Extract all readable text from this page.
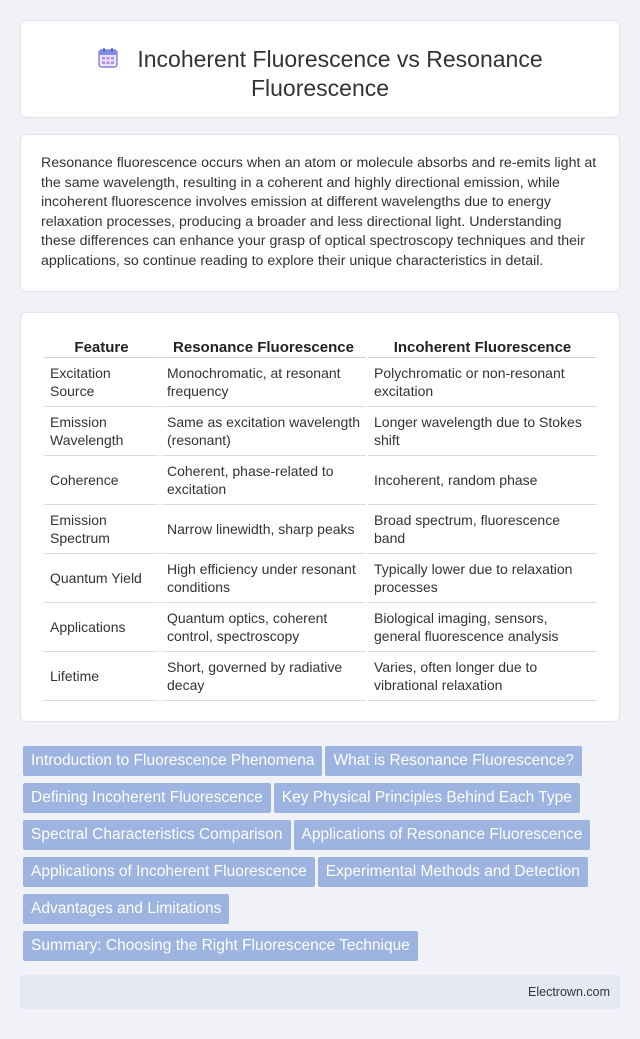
Incoherent Fluorescence vs Resonance
Fluorescence

Resonance fluorescence occurs when an atom or molecule absorbs and re-emits light at the same wavelength, resulting in a coherent and highly directional emission, while incoherent fluorescence involves emission at different wavelengths due to energy relaxation processes, producing a broader and less directional light. Understanding these differences can enhance your grasp of optical spectroscopy techniques and their applications, so continue reading to explore their unique characteristics in detail.

Feature	Resonance Fluorescence	Incoherent Fluorescence
Excitation Source	Monochromatic, at resonant frequency	Polychromatic or non-resonant excitation
Emission Wavelength	Same as excitation wavelength (resonant)	Longer wavelength due to Stokes shift
Coherence	Coherent, phase-related to excitation	Incoherent, random phase
Emission Spectrum	Narrow linewidth, sharp peaks	Broad spectrum, fluorescence band
Quantum Yield	High efficiency under resonant conditions	Typically lower due to relaxation processes
Applications	Quantum optics, coherent control, spectroscopy	Biological imaging, sensors, general fluorescence analysis
Lifetime	Short, governed by radiative decay	Varies, often longer due to vibrational relaxation
Introduction to Fluorescence Phenomena What is Resonance Fluorescence?
Defining Incoherent Fluorescence Key Physical Principles Behind Each Type
Spectral Characteristics Comparison Applications of Resonance Fluorescence
Applications of Incoherent Fluorescence Experimental Methods and Detection
Advantages and Limitations
Summary: Choosing the Right Fluorescence Technique
Electrown.com
